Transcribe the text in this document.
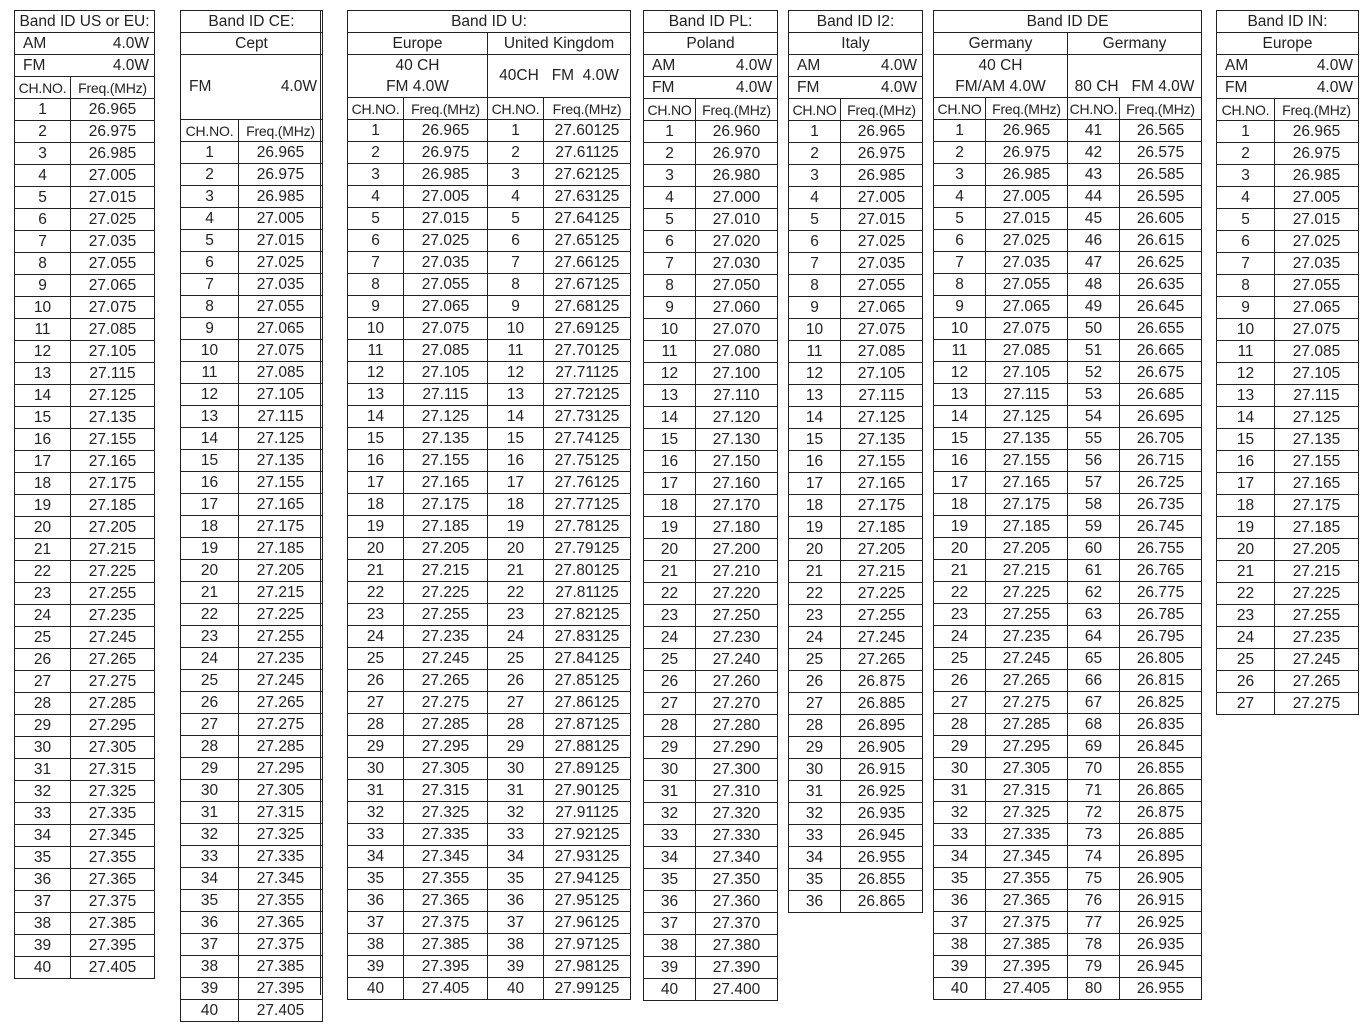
Band ID US or EU:	
AM 4.0W	

FM 4.0W	

CH.NO.	Freq.(MHz)
1	26.965
2	26.975
3	26.985
4	27.005
5	27.015
6	27.025
7	27.035
8	27.055
9	27.065
10	27.075
11	27.085
12	27.105
13	27.115
14	27.125
15	27.135
16	27.155
17	27.165
18	27.175
19	27.185
20	27.205
21	27.215
22	27.225
23	27.255
24	27.235
25	27.245
26	27.265
27	27.275
28	27.285
29	27.295
30	27.305
31	27.315
32	27.325
33	27.335
34	27.345
35	27.355
36	27.365
37	27.375
38	27.385
39	27.395
40	27.405
Band ID CE:	
Cept	
FM 4.0W	

CH.NO.	Freq.(MHz)
1	26.965
2	26.975
3	26.985
4	27.005
5	27.015
6	27.025
7	27.035
8	27.055
9	27.065
10	27.075
11	27.085
12	27.105
13	27.115
14	27.125
15	27.135
16	27.155
17	27.165
18	27.175
19	27.185
20	27.205
21	27.215
22	27.225
23	27.255
24	27.235
25	27.245
26	27.265
27	27.275
28	27.285
29	27.295
30	27.305
31	27.315
32	27.325
33	27.335
34	27.345
35	27.355
36	27.365
37	27.375
38	27.385
39	27.395
40	27.405
Band ID U:			
Europe		United Kingdom	

40 CH
FM 4.0W		40CH   FM  4.0W	
CH.NO.	Freq.(MHz)	CH.NO.	Freq.(MHz)
1	26.965	1	27.60125
2	26.975	2	27.61125
3	26.985	3	27.62125
4	27.005	4	27.63125
5	27.015	5	27.64125
6	27.025	6	27.65125
7	27.035	7	27.66125
8	27.055	8	27.67125
9	27.065	9	27.68125
10	27.075	10	27.69125
11	27.085	11	27.70125
12	27.105	12	27.71125
13	27.115	13	27.72125
14	27.125	14	27.73125
15	27.135	15	27.74125
16	27.155	16	27.75125
17	27.165	17	27.76125
18	27.175	18	27.77125
19	27.185	19	27.78125
20	27.205	20	27.79125
21	27.215	21	27.80125
22	27.225	22	27.81125
23	27.255	23	27.82125
24	27.235	24	27.83125
25	27.245	25	27.84125
26	27.265	26	27.85125
27	27.275	27	27.86125
28	27.285	28	27.87125
29	27.295	29	27.88125
30	27.305	30	27.89125
31	27.315	31	27.90125
32	27.325	32	27.91125
33	27.335	33	27.92125
34	27.345	34	27.93125
35	27.355	35	27.94125
36	27.365	36	27.95125
37	27.375	37	27.96125
38	27.385	38	27.97125
39	27.395	39	27.98125
40	27.405	40	27.99125
Band ID PL:	
Poland	
AM 4.0W	

FM 4.0W	

CH.NO	Freq.(MHz)
1	26.960
2	26.970
3	26.980
4	27.000
5	27.010
6	27.020
7	27.030
8	27.050
9	27.060
10	27.070
11	27.080
12	27.100
13	27.110
14	27.120
15	27.130
16	27.150
17	27.160
18	27.170
19	27.180
20	27.200
21	27.210
22	27.220
23	27.250
24	27.230
25	27.240
26	27.260
27	27.270
28	27.280
29	27.290
30	27.300
31	27.310
32	27.320
33	27.330
34	27.340
35	27.350
36	27.360
37	27.370
38	27.380
39	27.390
40	27.400
Band ID I2:	
Italy	
AM 4.0W	

FM 4.0W	

CH.NO	Freq.(MHz)
1	26.965
2	26.975
3	26.985
4	27.005
5	27.015
6	27.025
7	27.035
8	27.055
9	27.065
10	27.075
11	27.085
12	27.105
13	27.115
14	27.125
15	27.135
16	27.155
17	27.165
18	27.175
19	27.185
20	27.205
21	27.215
22	27.225
23	27.255
24	27.245
25	27.265
26	26.875
27	26.885
28	26.895
29	26.905
30	26.915
31	26.925
32	26.935
33	26.945
34	26.955
35	26.855
36	26.865
Band ID DE			
Germany		Germany	

40 CH
FM/AM 4.0W		80 CH   FM 4.0W	
CH.NO	Freq.(MHz)	CH.NO.	Freq.(MHz)
1	26.965	41	26.565
2	26.975	42	26.575
3	26.985	43	26.585
4	27.005	44	26.595
5	27.015	45	26.605
6	27.025	46	26.615
7	27.035	47	26.625
8	27.055	48	26.635
9	27.065	49	26.645
10	27.075	50	26.655
11	27.085	51	26.665
12	27.105	52	26.675
13	27.115	53	26.685
14	27.125	54	26.695
15	27.135	55	26.705
16	27.155	56	26.715
17	27.165	57	26.725
18	27.175	58	26.735
19	27.185	59	26.745
20	27.205	60	26.755
21	27.215	61	26.765
22	27.225	62	26.775
23	27.255	63	26.785
24	27.235	64	26.795
25	27.245	65	26.805
26	27.265	66	26.815
27	27.275	67	26.825
28	27.285	68	26.835
29	27.295	69	26.845
30	27.305	70	26.855
31	27.315	71	26.865
32	27.325	72	26.875
33	27.335	73	26.885
34	27.345	74	26.895
35	27.355	75	26.905
36	27.365	76	26.915
37	27.375	77	26.925
38	27.385	78	26.935
39	27.395	79	26.945
40	27.405	80	26.955
Band ID IN:	
Europe	
AM 4.0W	

FM 4.0W	

CH.NO.	Freq.(MHz)
1	26.965
2	26.975
3	26.985
4	27.005
5	27.015
6	27.025
7	27.035
8	27.055
9	27.065
10	27.075
11	27.085
12	27.105
13	27.115
14	27.125
15	27.135
16	27.155
17	27.165
18	27.175
19	27.185
20	27.205
21	27.215
22	27.225
23	27.255
24	27.235
25	27.245
26	27.265
27	27.275
